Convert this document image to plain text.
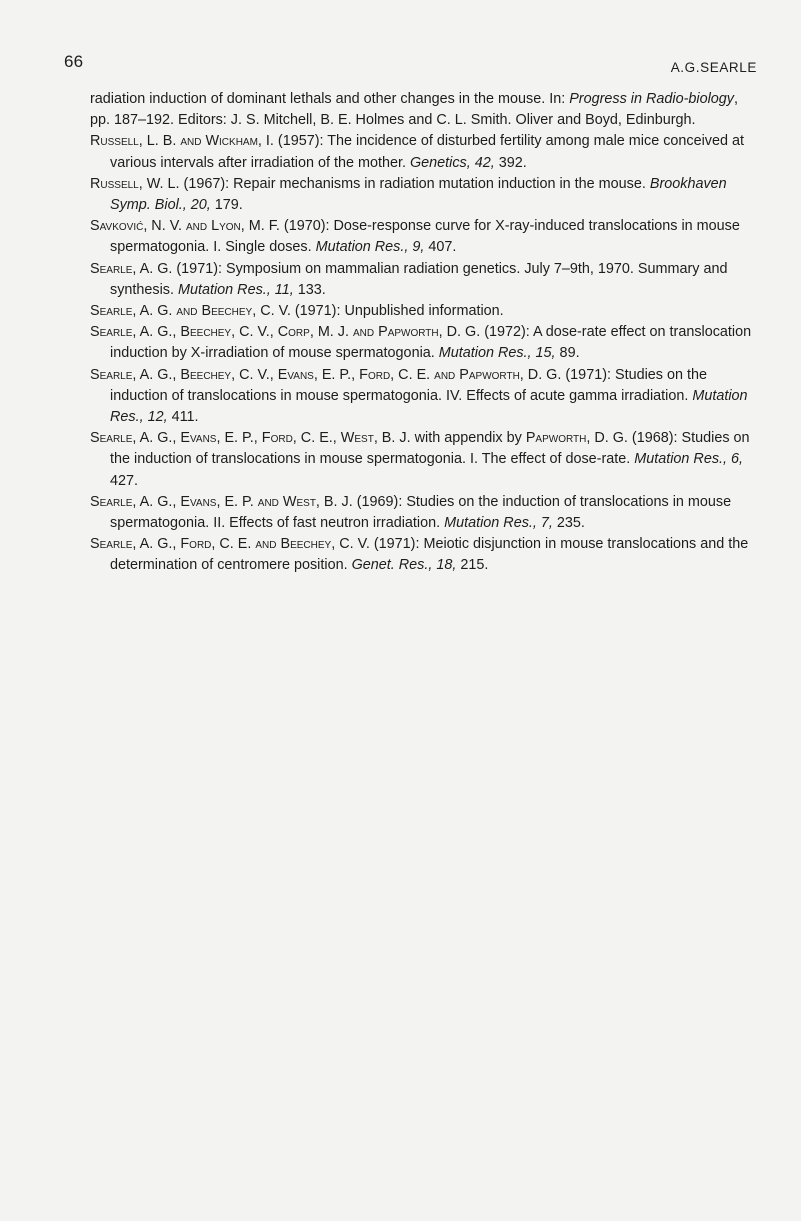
66	A.G.SEARLE

radiation induction of dominant lethals and other changes in the mouse. In: Progress in Radio-biology, pp. 187–192. Editors: J. S. Mitchell, B. E. Holmes and C. L. Smith. Oliver and Boyd, Edinburgh.

Russell, L. B. and Wickham, I. (1957): The incidence of disturbed fertility among male mice conceived at various intervals after irradiation of the mother. Genetics, 42, 392.

Russell, W. L. (1967): Repair mechanisms in radiation mutation induction in the mouse. Brookhaven Symp. Biol., 20, 179.

Savković, N. V. and Lyon, M. F. (1970): Dose-response curve for X-ray-induced translocations in mouse spermatogonia. I. Single doses. Mutation Res., 9, 407.

Searle, A. G. (1971): Symposium on mammalian radiation genetics. July 7–9th, 1970. Summary and synthesis. Mutation Res., 11, 133.

Searle, A. G. and Beechey, C. V. (1971): Unpublished information.

Searle, A. G., Beechey, C. V., Corp, M. J. and Papworth, D. G. (1972): A dose-rate effect on translocation induction by X-irradiation of mouse spermatogonia. Mutation Res., 15, 89.

Searle, A. G., Beechey, C. V., Evans, E. P., Ford, C. E. and Papworth, D. G. (1971): Studies on the induction of translocations in mouse spermatogonia. IV. Effects of acute gamma irradiation. Mutation Res., 12, 411.

Searle, A. G., Evans, E. P., Ford, C. E., West, B. J. with appendix by Papworth, D. G. (1968): Studies on the induction of translocations in mouse spermatogonia. I. The effect of dose-rate. Mutation Res., 6, 427.

Searle, A. G., Evans, E. P. and West, B. J. (1969): Studies on the induction of translocations in mouse spermatogonia. II. Effects of fast neutron irradiation. Mutation Res., 7, 235.

Searle, A. G., Ford, C. E. and Beechey, C. V. (1971): Meiotic disjunction in mouse translocations and the determination of centromere position. Genet. Res., 18, 215.
